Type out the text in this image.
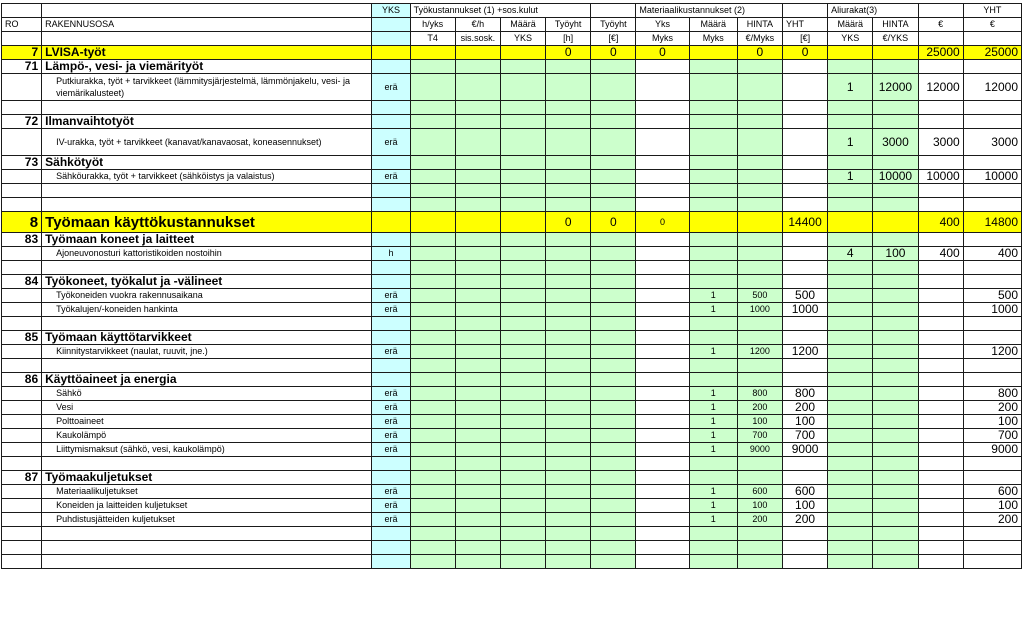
		YKS	Työkustannukset (1) +sos.kulut					Materiaalikustannukset (2)				Aliurakat(3)			YHT
RO	RAKENNUSOSA		h/yks	€/h	Määrä	Työyht	Työyht	Yks	Määrä	HINTA	YHT	Määrä	HINTA	€	€
			T4	sis.sosk.	YKS	[h]	[€]	Myks	Myks	€/Myks	[€]	YKS	€/YKS		
7	LVISA-työt					0	0	0		0	0			25000	25000
71	Lämpö-, vesi- ja viemärityöt														
	Putkiurakka, työt + tarvikkeet (lämmitysjärjestelmä, lämmönjakelu, vesi- ja viemärikalusteet)	erä										1	12000	12000	12000

72	Ilmanvaihtotyöt														
	IV-urakka, työt + tarvikkeet (kanavat/kanavaosat, koneasennukset)	erä										1	3000	3000	3000
73	Sähkötyöt														
	Sähköurakka, työt + tarvikkeet (sähköistys ja valaistus)	erä										1	10000	10000	10000

8	Työmaan käyttökustannukset					0	0	0			14400			400	14800
83	Työmaan koneet ja laitteet														
	Ajoneuvonosturi kattoristikoiden nostoihin	h										4	100	400	400

84	Työkoneet, työkalut ja -välineet														
	Työkoneiden vuokra rakennusaikana	erä							1	500	500				500
	Työkalujen/-koneiden hankinta	erä							1	1000	1000				1000

85	Työmaan käyttötarvikkeet														
	Kiinnitystarvikkeet (naulat, ruuvit, jne.)	erä							1	1200	1200				1200

86	Käyttöaineet ja energia														
	Sähkö	erä							1	800	800				800
	Vesi	erä							1	200	200				200
	Polttoaineet	erä							1	100	100				100
	Kaukolämpö	erä							1	700	700				700
	Liittymismaksut (sähkö, vesi, kaukolämpö)	erä							1	9000	9000				9000

87	Työmaakuljetukset														
	Materiaalikuljetukset	erä							1	600	600				600
	Koneiden ja laitteiden kuljetukset	erä							1	100	100				100
	Puhdistusjätteiden kuljetukset	erä							1	200	200				200
